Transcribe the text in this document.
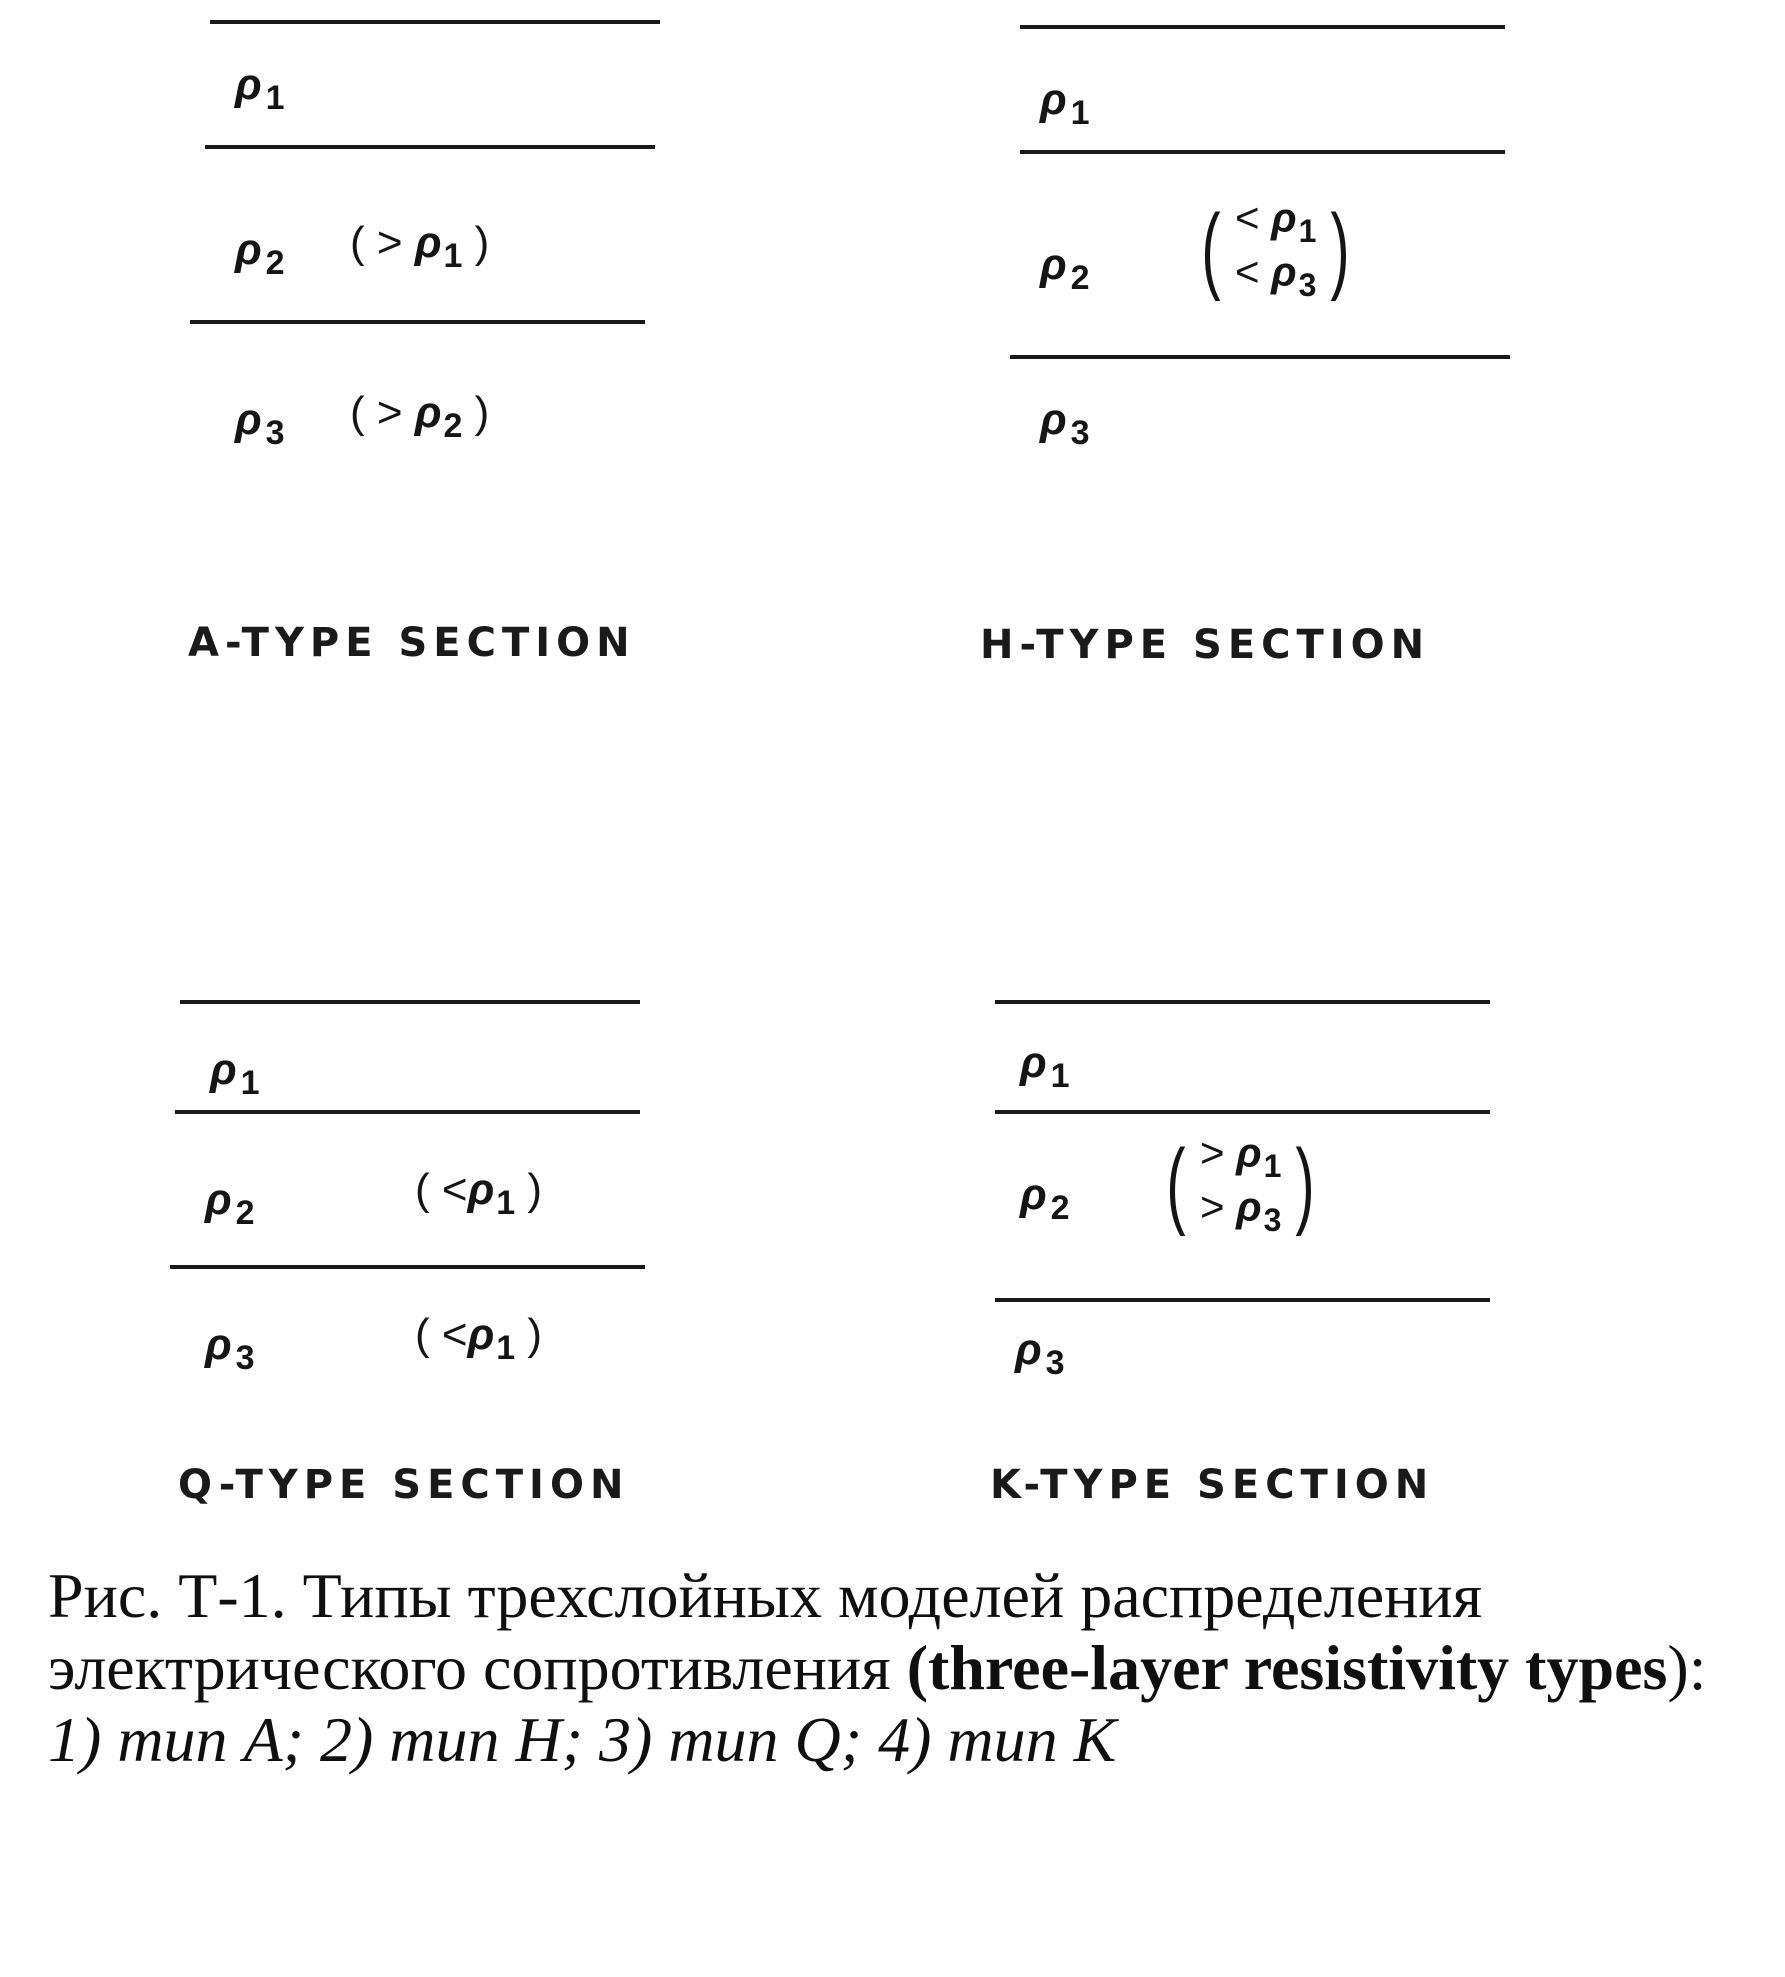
ρ $_1$
ρ $_2$ ( > $\rho_1$ )
ρ $_3$ ( > $\rho_2$ )
A-TYPE SECTION
ρ $_1$
ρ $_2$ ( < $\rho_1$
< $\rho_3$ )
ρ $_3$
H-TYPE SECTION
ρ $_1$
ρ $_2$	( $<\rho_1$ )
ρ $_3$	( $<\rho_1$ )
Q-TYPE SECTION
ρ $_1$
ρ $_2$ ( > $\rho_1$
> $\rho_3$ )
ρ $_3$
K-TYPE SECTION
Рис. Т-1. Типы трехслойных моделей распределения электрического сопротивления (three-layer resistivity types): 1) тип А; 2) тип Н; 3) тип Q; 4) тип K
